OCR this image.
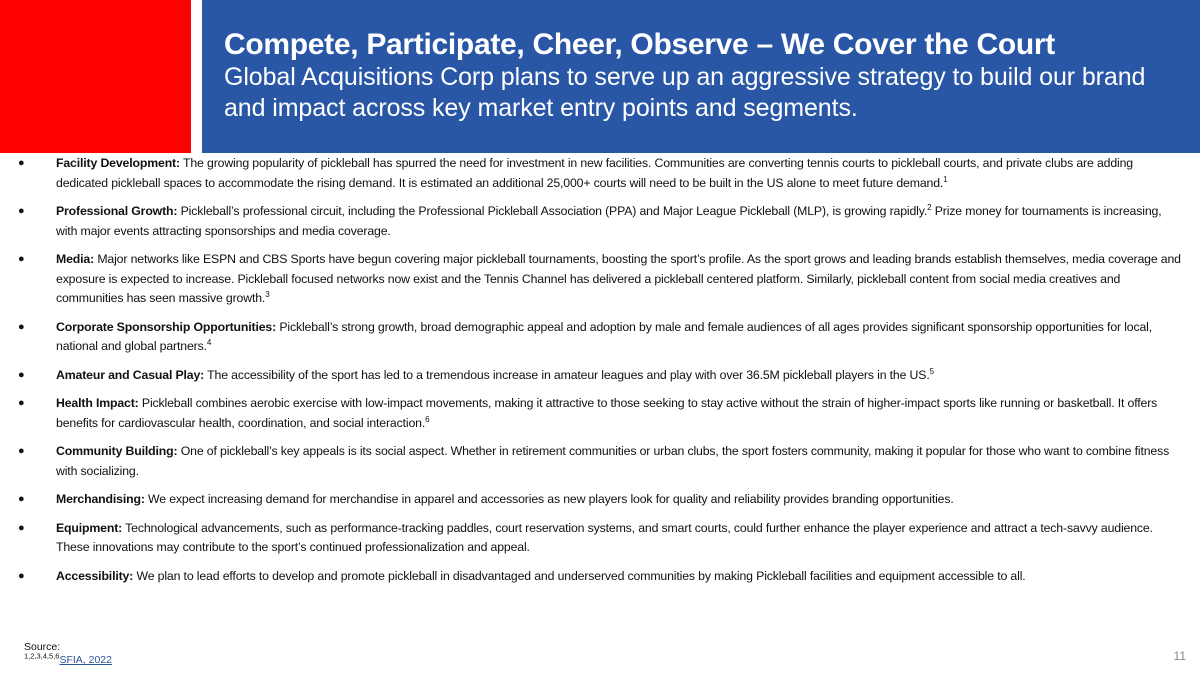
Compete, Participate, Cheer, Observe – We Cover the Court
Global Acquisitions Corp plans to serve up an aggressive strategy to build our brand and impact across key market entry points and segments.
●	Facility Development: The growing popularity of pickleball has spurred the need for investment in new facilities. Communities are converting tennis courts to pickleball courts, and private clubs are adding dedicated pickleball spaces to accommodate the rising demand. It is estimated an additional 25,000+ courts will need to be built in the US alone to meet future demand.$^1$
●	Professional Growth: Pickleball’s professional circuit, including the Professional Pickleball Association (PPA) and Major League Pickleball (MLP), is growing rapidly.$^2$ Prize money for tournaments is increasing, with major events attracting sponsorships and media coverage.
●	Media: Major networks like ESPN and CBS Sports have begun covering major pickleball tournaments, boosting the sport’s profile. As the sport grows and leading brands establish themselves, media coverage and exposure is expected to increase. Pickleball focused networks now exist and the Tennis Channel has delivered a pickleball centered platform. Similarly, pickleball content from social media creatives and communities has seen massive growth.$^3$
●	Corporate Sponsorship Opportunities: Pickleball’s strong growth, broad demographic appeal and adoption by male and female audiences of all ages provides significant sponsorship opportunities for local, national and global partners.$^4$
●	Amateur and Casual Play: The accessibility of the sport has led to a tremendous increase in amateur leagues and play with over 36.5M pickleball players in the US.$^5$
●	Health Impact: Pickleball combines aerobic exercise with low-impact movements, making it attractive to those seeking to stay active without the strain of higher-impact sports like running or basketball. It offers benefits for cardiovascular health, coordination, and social interaction.$^6$
●	Community Building: One of pickleball’s key appeals is its social aspect. Whether in retirement communities or urban clubs, the sport fosters community, making it popular for those who want to combine fitness with socializing.
●	Merchandising: We expect increasing demand for merchandise in apparel and accessories as new players look for quality and reliability provides branding opportunities.
●	Equipment: Technological advancements, such as performance-tracking paddles, court reservation systems, and smart courts, could further enhance the player experience and attract a tech-savvy audience. These innovations may contribute to the sport’s continued professionalization and appeal.
●	Accessibility: We plan to lead efforts to develop and promote pickleball in disadvantaged and underserved communities by making Pickleball facilities and equipment accessible to all.
Source:
$^{1,2,3,4,5,6}$SFIA, 2022	11
